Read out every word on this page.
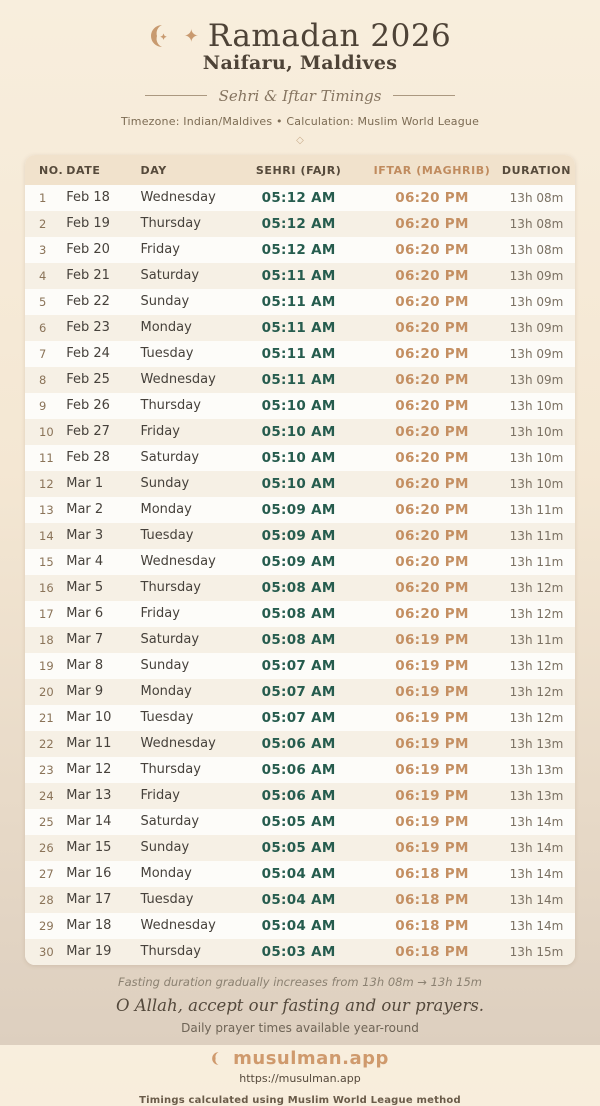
✦ Ramadan 2026
Naifaru, Maldives
Sehri & Iftar Timings
Timezone: Indian/Maldives • Calculation: Muslim World League
◇
NO.	DATE	DAY	SEHRI (FAJR)	IFTAR (MAGHRIB)	DURATION
1	Feb 18	Wednesday	05:12 AM	06:20 PM	13h 08m
2	Feb 19	Thursday	05:12 AM	06:20 PM	13h 08m
3	Feb 20	Friday	05:12 AM	06:20 PM	13h 08m
4	Feb 21	Saturday	05:11 AM	06:20 PM	13h 09m
5	Feb 22	Sunday	05:11 AM	06:20 PM	13h 09m
6	Feb 23	Monday	05:11 AM	06:20 PM	13h 09m
7	Feb 24	Tuesday	05:11 AM	06:20 PM	13h 09m
8	Feb 25	Wednesday	05:11 AM	06:20 PM	13h 09m
9	Feb 26	Thursday	05:10 AM	06:20 PM	13h 10m
10	Feb 27	Friday	05:10 AM	06:20 PM	13h 10m
11	Feb 28	Saturday	05:10 AM	06:20 PM	13h 10m
12	Mar 1	Sunday	05:10 AM	06:20 PM	13h 10m
13	Mar 2	Monday	05:09 AM	06:20 PM	13h 11m
14	Mar 3	Tuesday	05:09 AM	06:20 PM	13h 11m
15	Mar 4	Wednesday	05:09 AM	06:20 PM	13h 11m
16	Mar 5	Thursday	05:08 AM	06:20 PM	13h 12m
17	Mar 6	Friday	05:08 AM	06:20 PM	13h 12m
18	Mar 7	Saturday	05:08 AM	06:19 PM	13h 11m
19	Mar 8	Sunday	05:07 AM	06:19 PM	13h 12m
20	Mar 9	Monday	05:07 AM	06:19 PM	13h 12m
21	Mar 10	Tuesday	05:07 AM	06:19 PM	13h 12m
22	Mar 11	Wednesday	05:06 AM	06:19 PM	13h 13m
23	Mar 12	Thursday	05:06 AM	06:19 PM	13h 13m
24	Mar 13	Friday	05:06 AM	06:19 PM	13h 13m
25	Mar 14	Saturday	05:05 AM	06:19 PM	13h 14m
26	Mar 15	Sunday	05:05 AM	06:19 PM	13h 14m
27	Mar 16	Monday	05:04 AM	06:18 PM	13h 14m
28	Mar 17	Tuesday	05:04 AM	06:18 PM	13h 14m
29	Mar 18	Wednesday	05:04 AM	06:18 PM	13h 14m
30	Mar 19	Thursday	05:03 AM	06:18 PM	13h 15m
Fasting duration gradually increases from 13h 08m → 13h 15m
O Allah, accept our fasting and our prayers.
Daily prayer times available year-round
musulman.app
https://musulman.app
Timings calculated using Muslim World League method
